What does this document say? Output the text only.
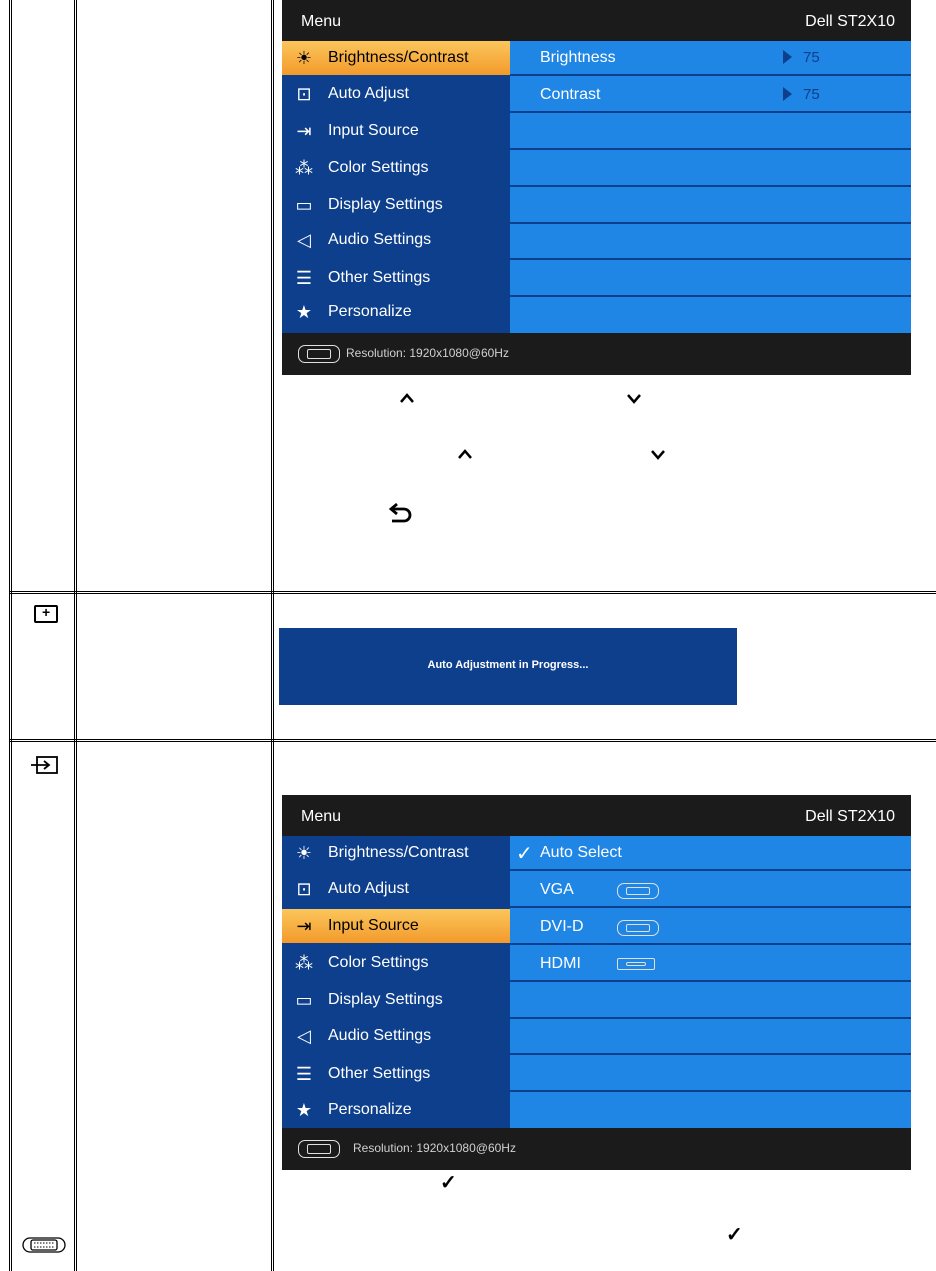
Menu	Dell ST2X10
☀ Brightness/Contrast
⊡ Auto Adjust
⇥ Input Source
⁂ Color Settings
▭ Display Settings
◁	Audio Settings
☰ Other Settings
★ Personalize
Brightness	75
Contrast	75
Resolution: 1920x1080@60Hz
+
Auto Adjustment in Progress...
Menu	Dell ST2X10
☀ Brightness/Contrast
⊡ Auto Adjust
⇥ Input Source
⁂ Color Settings
▭ Display Settings
◁	Audio Settings
☰ Other Settings
★ Personalize
✓ Auto Select
VGA
DVI-D
HDMI
Resolution: 1920x1080@60Hz
✓
✓
